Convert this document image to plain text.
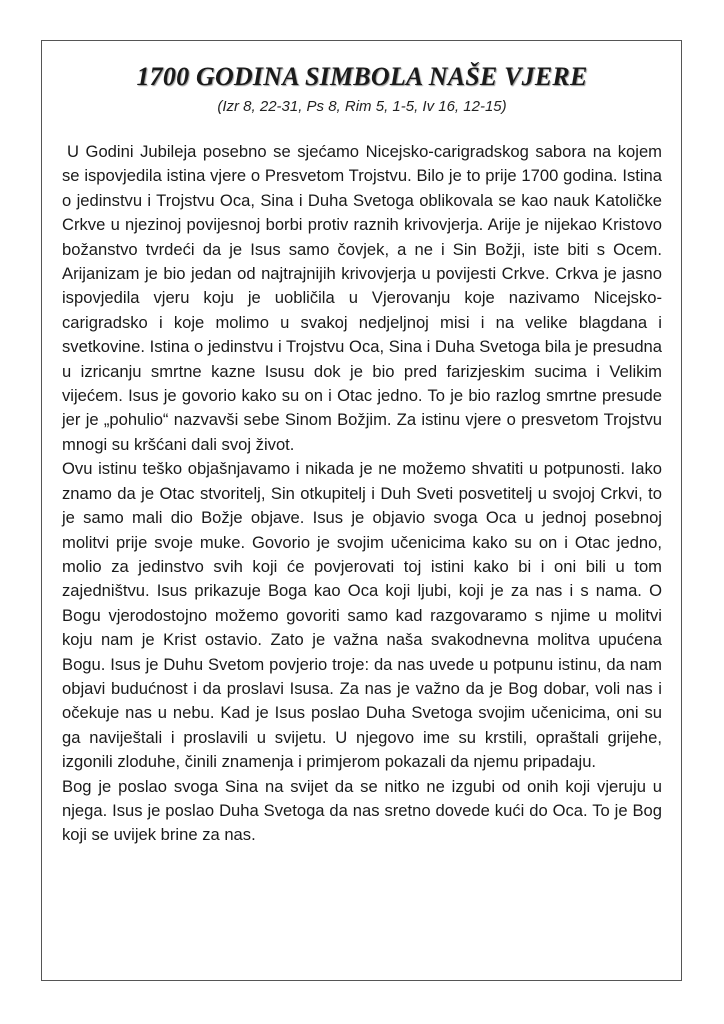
1700 GODINA SIMBOLA NAŠE VJERE
(Izr 8, 22-31, Ps 8, Rim 5, 1-5, Iv 16, 12-15)

U Godini Jubileja posebno se sjećamo Nicejsko-carigradskog sabora na kojem se ispovjedila istina vjere o Presvetom Trojstvu. Bilo je to prije 1700 godina. Istina o jedinstvu i Trojstvu Oca, Sina i Duha Svetoga oblikovala se kao nauk Katoličke Crkve u njezinoj povijesnoj borbi protiv raznih krivovjerja. Arije je nijekao Kristovo božanstvo tvrdeći da je Isus samo čovjek, a ne i Sin Božji, iste biti s Ocem. Arijanizam je bio jedan od najtrajnijih krivovjerja u povijesti Crkve. Crkva je jasno ispovjedila vjeru koju je uobličila u Vjerovanju koje nazivamo Nicejsko-carigradsko i koje molimo u svakoj nedjeljnoj misi i na velike blagdana i svetkovine. Istina o jedinstvu i Trojstvu Oca, Sina i Duha Svetoga bila je presudna u izricanju smrtne kazne Isusu dok je bio pred farizjeskim sucima i Velikim vijećem. Isus je govorio kako su on i Otac jedno. To je bio razlog smrtne presude jer je „pohulio“ nazvavši sebe Sinom Božjim. Za istinu vjere o presvetom Trojstvu mnogi su kršćani dali svoj život.

Ovu istinu teško objašnjavamo i nikada je ne možemo shvatiti u potpunosti. Iako znamo da je Otac stvoritelj, Sin otkupitelj i Duh Sveti posvetitelj u svojoj Crkvi, to je samo mali dio Božje objave. Isus je objavio svoga Oca u jednoj posebnoj molitvi prije svoje muke. Govorio je svojim učenicima kako su on i Otac jedno, molio za jedinstvo svih koji će povjerovati toj istini kako bi i oni bili u tom zajedništvu. Isus prikazuje Boga kao Oca koji ljubi, koji je za nas i s nama. O Bogu vjerodostojno možemo govoriti samo kad razgovaramo s njime u molitvi koju nam je Krist ostavio. Zato je važna naša svakodnevna molitva upućena Bogu. Isus je Duhu Svetom povjerio troje: da nas uvede u potpunu istinu, da nam objavi budućnost i da proslavi Isusa. Za nas je važno da je Bog dobar, voli nas i očekuje nas u nebu. Kad je Isus poslao Duha Svetoga svojim učenicima, oni su ga naviještali i proslavili u svijetu. U njegovo ime su krstili, opraštali grijehe, izgonili zloduhe, činili znamenja i primjerom pokazali da njemu pripadaju.

Bog je poslao svoga Sina na svijet da se nitko ne izgubi od onih koji vjeruju u njega. Isus je poslao Duha Svetoga da nas sretno dovede kući do Oca. To je Bog koji se uvijek brine za nas.
